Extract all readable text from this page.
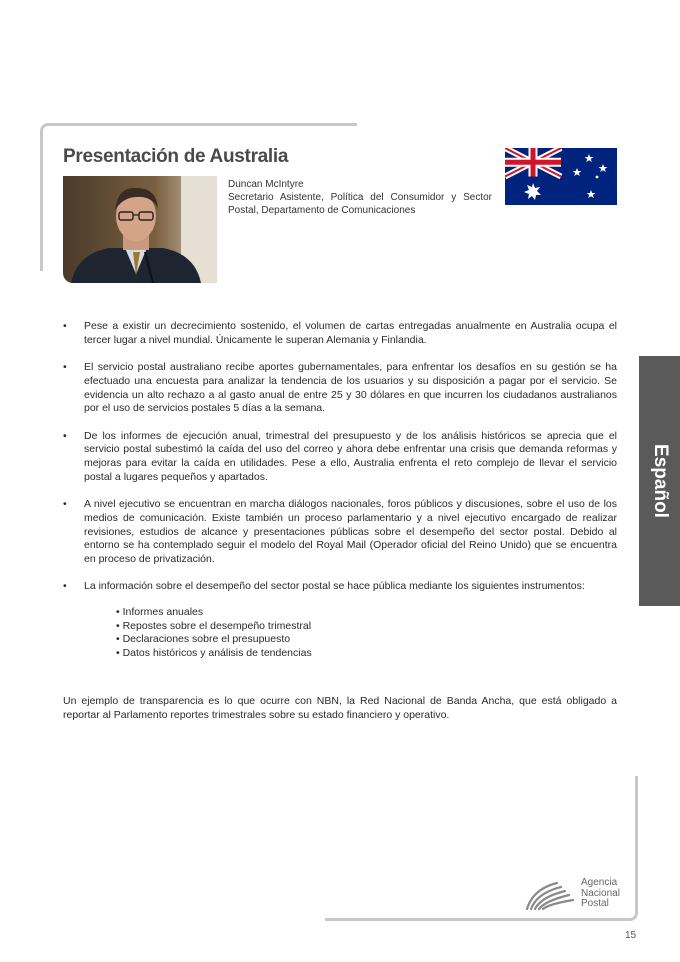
Presentación de Australia
Duncan McIntyre
Secretario Asistente, Política del Consumidor y Sector Postal, Departamento de Comunicaciones
Español
• Pese a existir un decrecimiento sostenido, el volumen de cartas entregadas anualmente en Australia ocupa el tercer lugar a nivel mundial. Únicamente le superan Alemania y Finlandia.
• El servicio postal australiano recibe aportes gubernamentales, para enfrentar los desafíos en su gestión se ha efectuado una encuesta para analizar la tendencia de los usuarios y su disposición a pagar por el servicio. Se evidencia un alto rechazo a al gasto anual de entre 25 y 30 dólares en que incurren los ciudadanos australianos por el uso de servicios postales 5 días a la semana.
• De los informes de ejecución anual, trimestral del presupuesto y de los análisis históricos se aprecia que el servicio postal subestimó la caída del uso del correo y ahora debe enfrentar una crisis que demanda reformas y mejoras para evitar la caída en utilidades. Pese a ello, Australia enfrenta el reto complejo de llevar el servicio postal a lugares pequeños y apartados.
• A nivel ejecutivo se encuentran en marcha diálogos nacionales, foros públicos y discusiones, sobre el uso de los medios de comunicación. Existe también un proceso parlamentario y a nivel ejecutivo encargado de realizar revisiones, estudios de alcance y presentaciones públicas sobre el desempeño del sector postal. Debido al entorno se ha contemplado seguir el modelo del Royal Mail (Operador oficial del Reino Unido) que se encuentra en proceso de privatización.
• La información sobre el desempeño del sector postal se hace pública mediante los siguientes instrumentos:
• Informes anuales
• Repostes sobre el desempeño trimestral
• Declaraciones sobre el presupuesto
• Datos históricos y análisis de tendencias

Un ejemplo de transparencia es lo que ocurre con NBN, la Red Nacional de Banda Ancha, que está obligado a reportar al Parlamento reportes trimestrales sobre su estado financiero y operativo.

Agencia
Nacional
Postal
15
